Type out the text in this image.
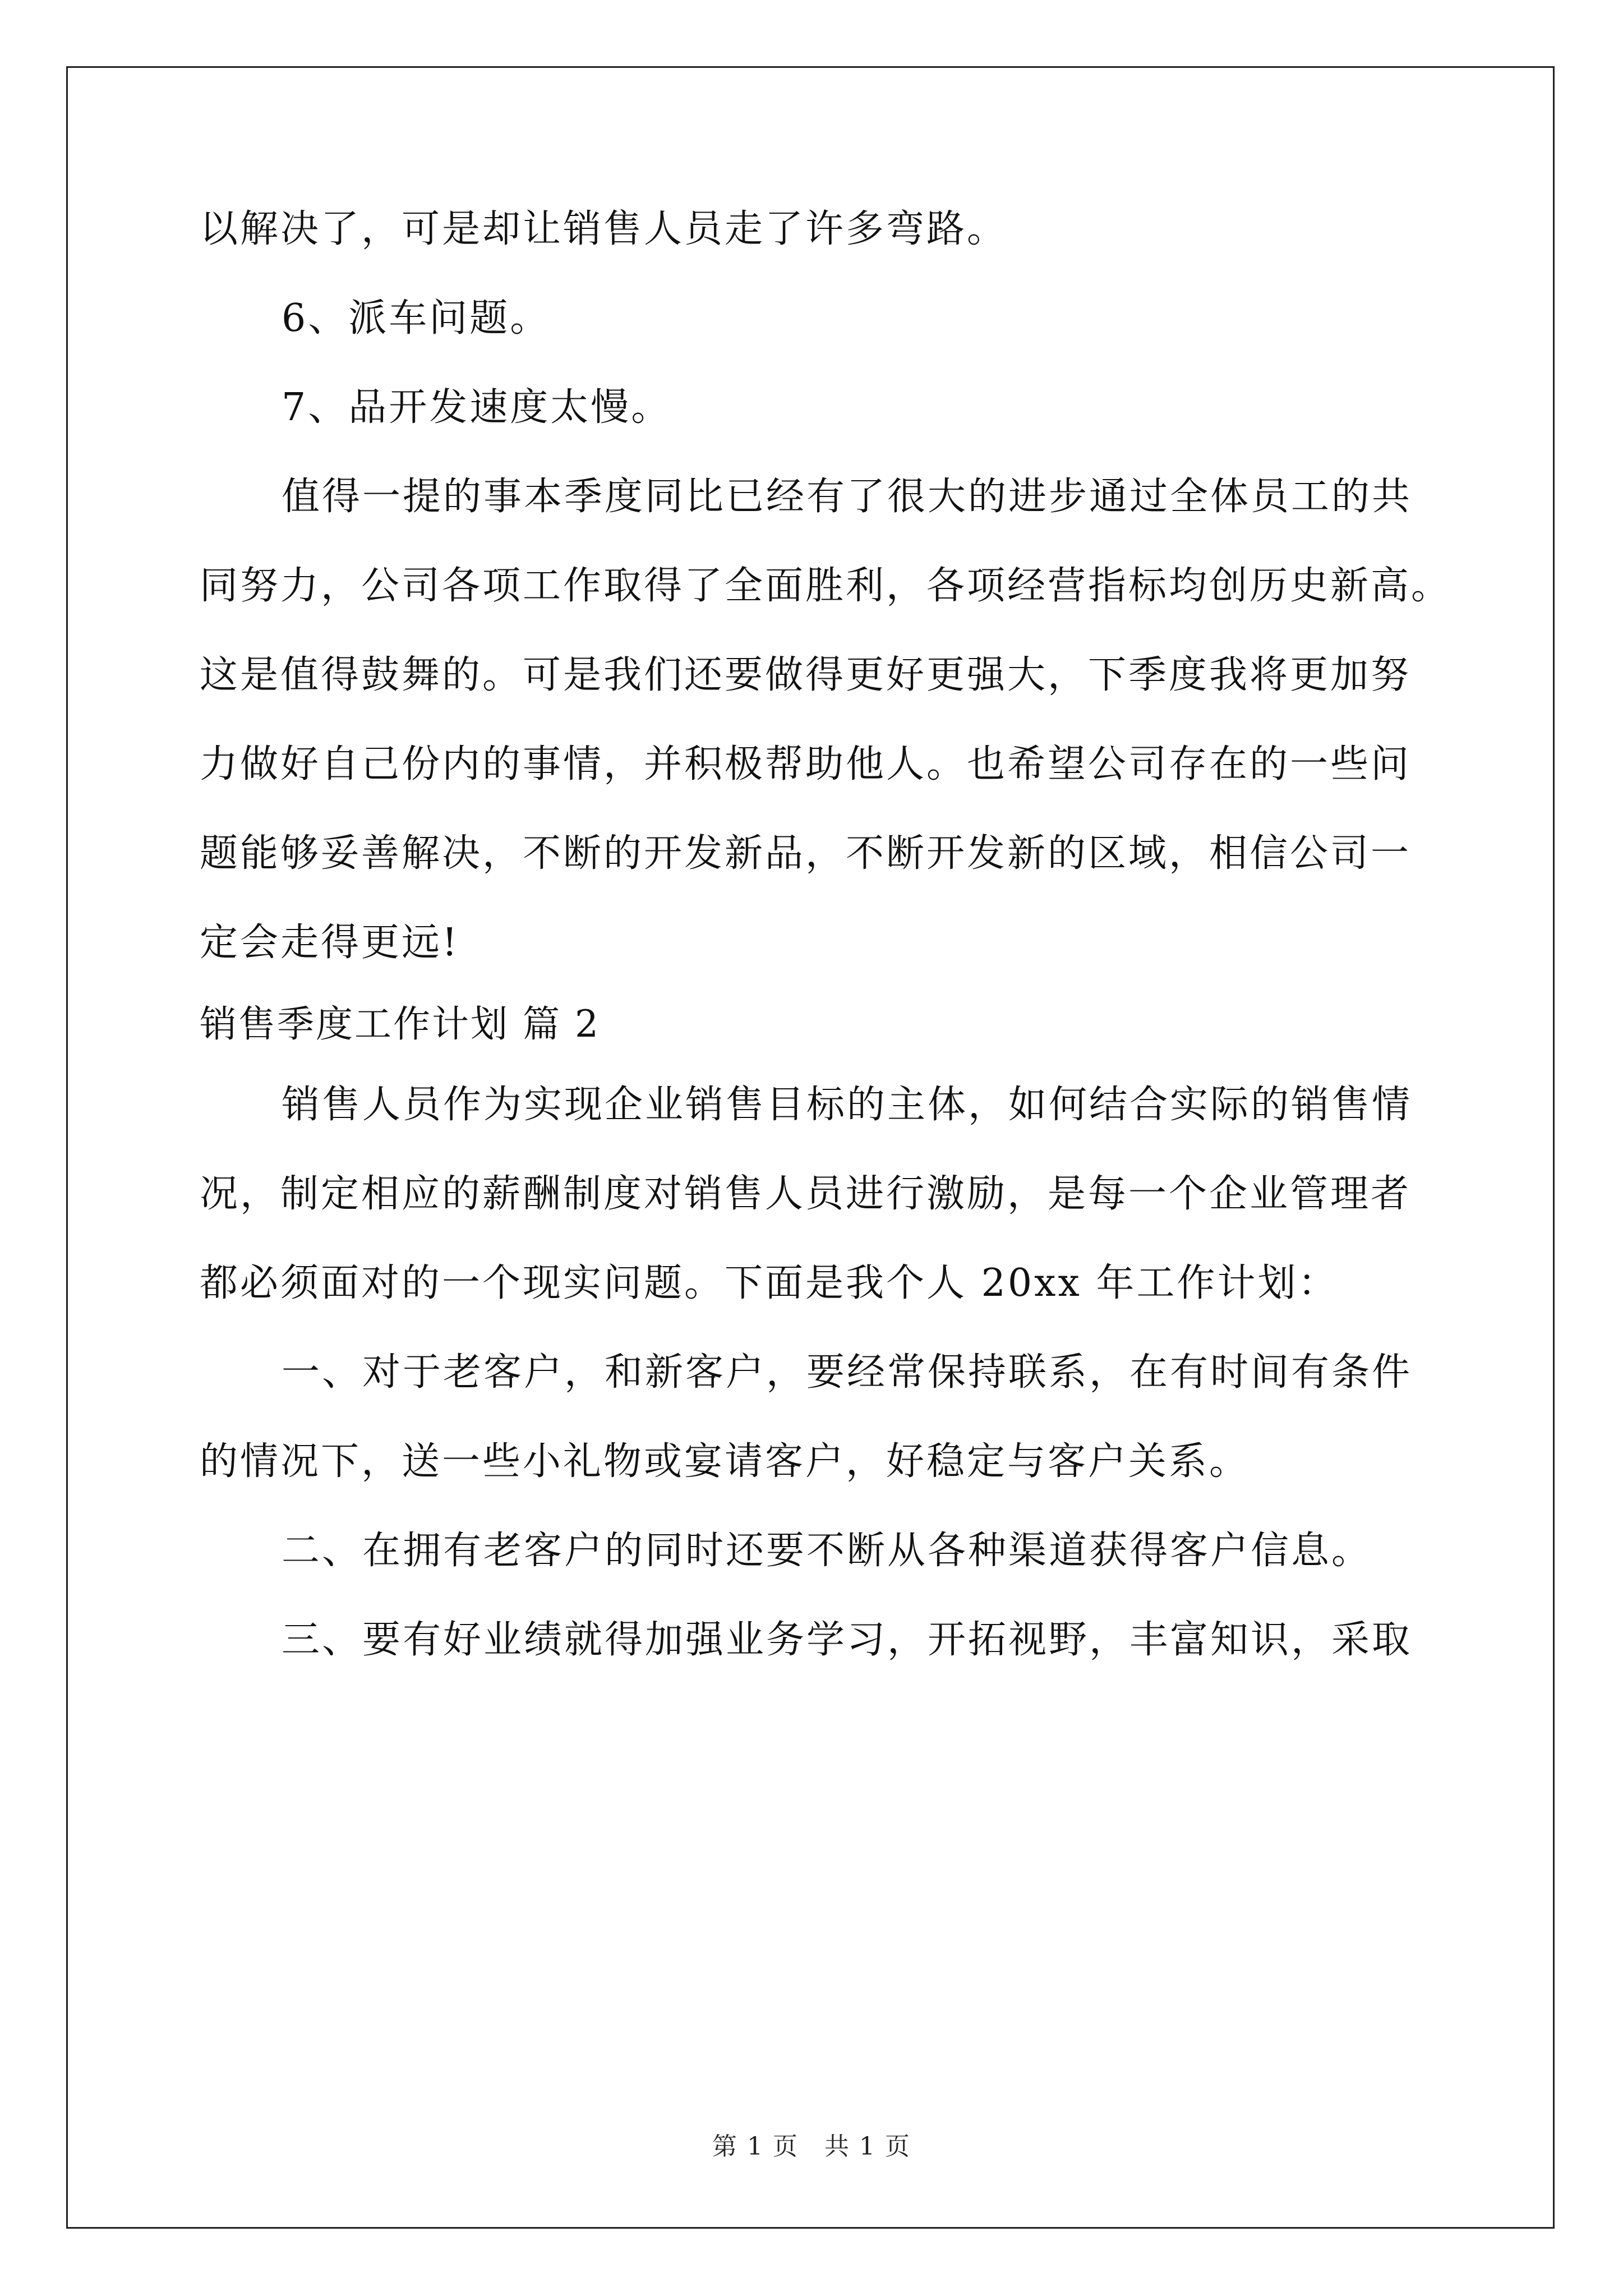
以解决了，可是却让销售人员走了许多弯路。

6、派车问题。

7、品开发速度太慢。

值得一提的事本季度同比已经有了很大的进步通过全体员工的共

同努力，公司各项工作取得了全面胜利，各项经营指标均创历史新高。

这是值得鼓舞的。可是我们还要做得更好更强大，下季度我将更加努

力做好自己份内的事情，并积极帮助他人。也希望公司存在的一些问

题能够妥善解决，不断的开发新品，不断开发新的区域，相信公司一

定会走得更远!

销售季度工作计划 篇 2

销售人员作为实现企业销售目标的主体，如何结合实际的销售情

况，制定相应的薪酬制度对销售人员进行激励，是每一个企业管理者

都必须面对的一个现实问题。下面是我个人 20xx 年工作计划：

一、对于老客户，和新客户，要经常保持联系，在有时间有条件

的情况下，送一些小礼物或宴请客户，好稳定与客户关系。

二、在拥有老客户的同时还要不断从各种渠道获得客户信息。

三、要有好业绩就得加强业务学习，开拓视野，丰富知识，采取

第 1 页　共 1 页
